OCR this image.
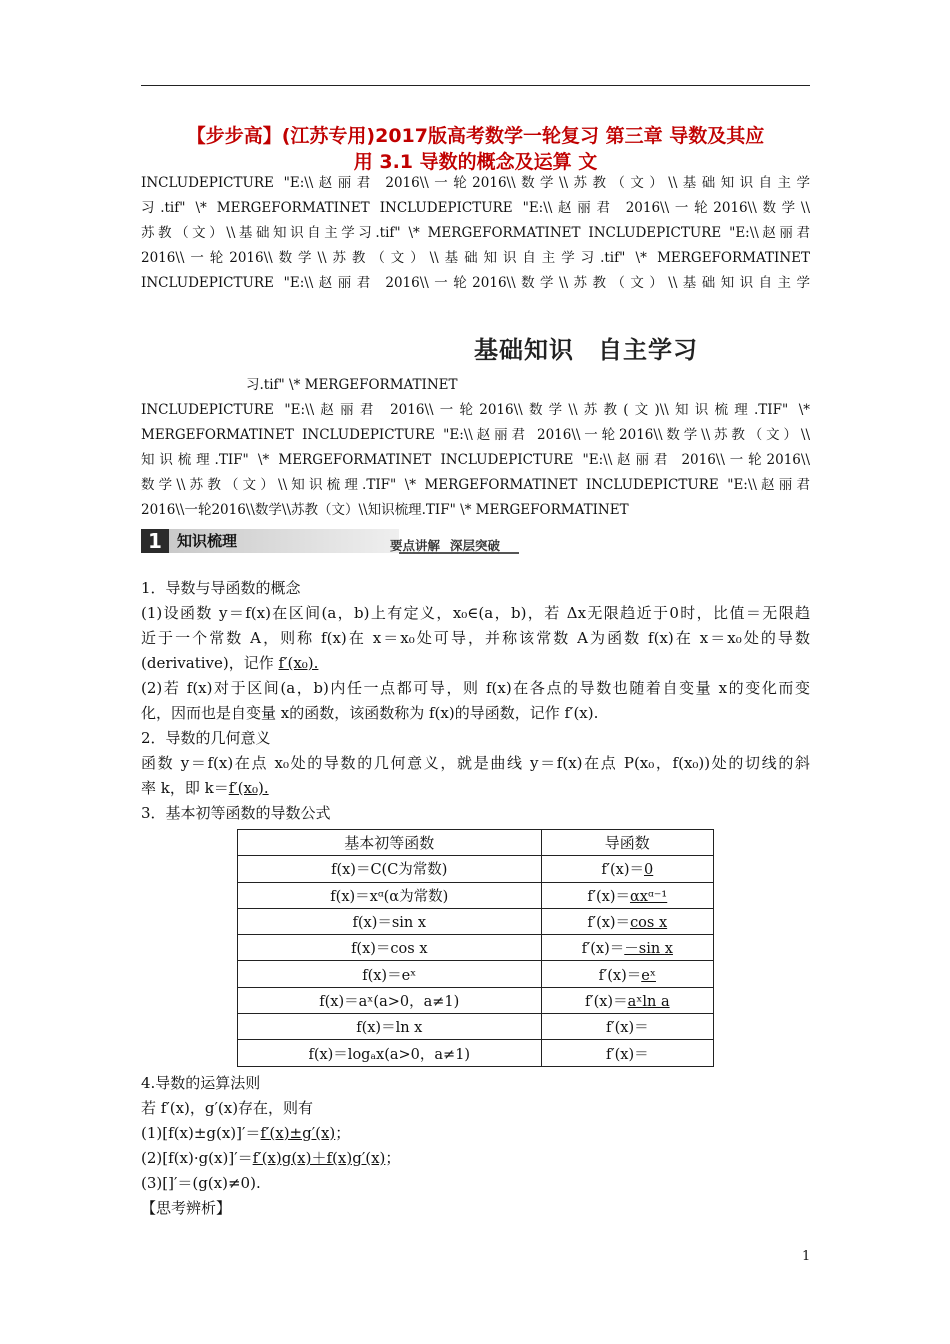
【步步高】(江苏专用)2017版高考数学一轮复习 第三章 导数及其应
用 3.1 导数的概念及运算 文
INCLUDEPICTURE "E:\\赵丽君 2016\\一轮2016\\数学\\苏教（文）\\基础知识自主学
习.tif" \* MERGEFORMATINET INCLUDEPICTURE "E:\\赵丽君 2016\\一轮2016\\数学\\
苏教（文）\\基础知识自主学习.tif" \* MERGEFORMATINET INCLUDEPICTURE "E:\\赵丽君
2016\\一轮2016\\数学\\苏教（文）\\基础知识自主学习.tif" \* MERGEFORMATINET
INCLUDEPICTURE "E:\\赵丽君 2016\\一轮2016\\数学\\苏教（文）\\基础知识自主学
基础知识 自主学习
习.tif" \* MERGEFORMATINET
INCLUDEPICTURE "E:\\赵丽君 2016\\一轮2016\\数学\\苏教(文)\\知识梳理.TIF" \*
MERGEFORMATINET INCLUDEPICTURE "E:\\赵丽君 2016\\一轮2016\\数学\\苏教（文）\\
知识梳理.TIF" \* MERGEFORMATINET INCLUDEPICTURE "E:\\赵丽君 2016\\一轮2016\\
数学\\苏教（文）\\知识梳理.TIF" \* MERGEFORMATINET INCLUDEPICTURE "E:\\赵丽君
2016\\一轮2016\\数学\\苏教（文）\\知识梳理.TIF" \* MERGEFORMATINET
1	知识梳理	要点讲解 深层突破
1．导数与导函数的概念
(1)设函数 y＝f(x)在区间(a，b)上有定义，x₀∈(a，b)，若 Δx无限趋近于0时，比值＝无限趋
近于一个常数 A，则称 f(x)在 x＝x₀处可导，并称该常数 A为函数 f(x)在 x＝x₀处的导数
(derivative)，记作 f′(x₀).
(2)若 f(x)对于区间(a，b)内任一点都可导，则 f(x)在各点的导数也随着自变量 x的变化而变
化，因而也是自变量 x的函数，该函数称为 f(x)的导函数，记作 f′(x).
2．导数的几何意义
函数 y＝f(x)在点 x₀处的导数的几何意义，就是曲线 y＝f(x)在点 P(x₀，f(x₀))处的切线的斜
率 k，即 k＝f′(x₀).
3．基本初等函数的导数公式
基本初等函数	导函数
f(x)＝C(C为常数)	f′(x)＝0
f(x)＝xᵅ(α为常数)	f′(x)＝αxᵅ⁻¹
f(x)＝sin x	f′(x)＝cos x
f(x)＝cos x	f′(x)＝－sin x
f(x)＝eˣ	f′(x)＝eˣ
f(x)＝aˣ(a>0，a≠1)	f′(x)＝aˣln a
f(x)＝ln x	f′(x)＝
f(x)＝logₐx(a>0，a≠1)	f′(x)＝
4.导数的运算法则
若 f′(x)，g′(x)存在，则有
(1)[f(x)±g(x)]′＝f′(x)±g′(x)；
(2)[f(x)·g(x)]′＝f′(x)g(x)＋f(x)g′(x)；
(3)[]′＝(g(x)≠0).
【思考辨析】
1
